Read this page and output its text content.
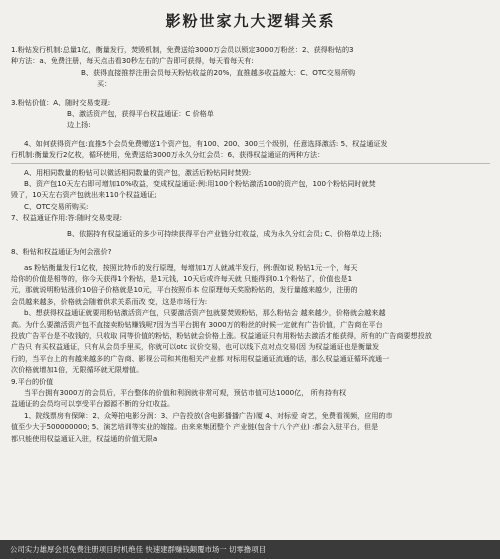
影粉世家九大逻辑关系
1.粉钻发行机制:总量1亿，衡量发行，焚毁机制，免费送给3000万会员以锁定3000万粉丝：2、获得粉钻的3
种方法：a、免费注册，每天点击看30秒左右的广告即可获得，每天看每天有:
B、获得直接推荐注册会员每天粉钻收益的20%，直推越多收益越大：C、OTC交易所购
买：
3.粉钻价值：A、随时交易变现:
B、激活资产包，获得平台权益通证：C 价格单
边上扬:
4、如何获得资产包:直推5个会员免费赠送1个资产包，有100、200、300三个级别，任意选择激活: 5、权益通证发
行机制:衡量发行2亿枚，循环使用，免费送给3000万永久分红会员：6、获得权益通证的两种方法：
A、用相同数量的粉钻可以微活相同数量的资产包，激活后粉钻同时焚毁:
B、资产包10天左右即可增加10%收益，变成权益通证:例:用100个粉钻激活100的资产包，100个粉钻同时就焚
毁了，10天左右资产包就出来110个权益通证;
C、OTC交易所购买:
7、权益通证作用:答:随时交易变现:
B、依据持有权益通证的多少可持续获得平台产业链分红收益，成为永久分红会员; C、价格单边上扬;
8、粉钻和权益通证为何会涨价?
as 粉钻衡量发行1亿枚，按照比特币的发行原理，每增加1万人就减半发行，例:假如说 粉钻1元一个，每天
给你的价值是相等的，你今天获得1个粉钻，是1元钱，10天后或许每天就 只能得到0.1个粉钻了，价值也是1
元，那就说明粉钻涨价10倍子价格就是10元，平台按照币本 位原理每天奖励粉钻的，发行量越来越少，注册的
会员越来越多，价格就会随着供求关系而改 变，这是市场行为:
b、想获得权益通证就要用粉钻激活资产包，只要激活资产包就要焚毁粉钻，那么粉钻会 越来越少，价格就会越来越
高。为什么要激活资产包不直接卖粉钻赚钱呢?因为当平台拥有 3000万的粉丝的时候一定就有广告价值，广告商在平台
投放广告平台是不收钱的，只收取 同等价值的粉钻，粉钻就会价格上涨。权益通证只有用粉钻去激活才能获得，所有的广告商要想投放
广告只 有买权益通证，只有从会员手里买，你就可以otc 议价交易，也可以线下点对点交易(因 为权益通证也是衡量发
行的，当平台上的有越来越多的广告商、影视公司和其他相关产业都 对标用权益通证流通的话，那么权益通证循环流通一
次价格就增加1倍，无限循环就无限增值。
9.平台的价值
当平台拥有3000万的会员后，平台整体的价值和利润就非常可观，预估市值可达1000亿， 所有持有权
益通证的会员均可以享受平台源源不断的分红收益。
1、院线票房有保障：2、众筹拍电影分润：3、户告投放(含电影播播广告)厦 4、对标爱 奇艺，免费看视频，应用的市
值至少大于500000000; 5、演艺培训等实业的嫁接。由来来集团整个 产业链(包含十八个产业) :都会入驻平台，但是
都只能使用权益通证入驻，权益通的价值无限a
公司实力雄厚会员免费注册项目时机绝佳 快速建群赚钱颠覆市场一 切零撸项目
